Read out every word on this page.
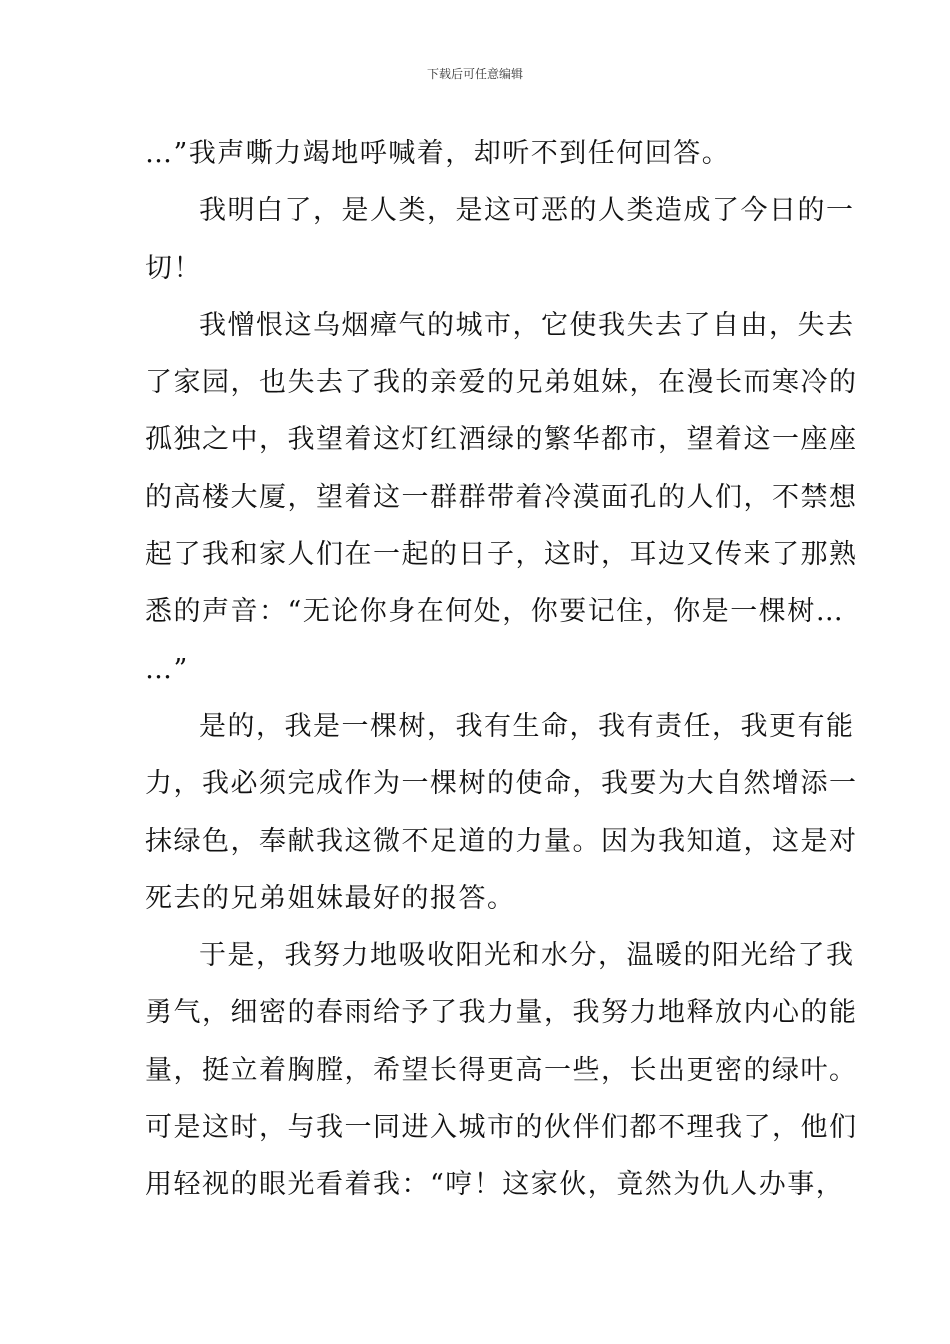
下载后可任意编辑

…”我声嘶力竭地呼喊着，却听不到任何回答。

我明白了，是人类，是这可恶的人类造成了今日的一
切！

我憎恨这乌烟瘴气的城市，它使我失去了自由，失去
了家园，也失去了我的亲爱的兄弟姐妹，在漫长而寒冷的
孤独之中，我望着这灯红酒绿的繁华都市，望着这一座座
的高楼大厦，望着这一群群带着冷漠面孔的人们，不禁想
起了我和家人们在一起的日子，这时，耳边又传来了那熟
悉的声音：“无论你身在何处，你要记住，你是一棵树…
…”

是的，我是一棵树，我有生命，我有责任，我更有能
力，我必须完成作为一棵树的使命，我要为大自然增添一
抹绿色，奉献我这微不足道的力量。因为我知道，这是对
死去的兄弟姐妹最好的报答。

于是，我努力地吸收阳光和水分，温暖的阳光给了我
勇气，细密的春雨给予了我力量，我努力地释放内心的能
量，挺立着胸膛，希望长得更高一些，长出更密的绿叶。
可是这时，与我一同进入城市的伙伴们都不理我了，他们
用轻视的眼光看着我：“哼！这家伙，竟然为仇人办事，
